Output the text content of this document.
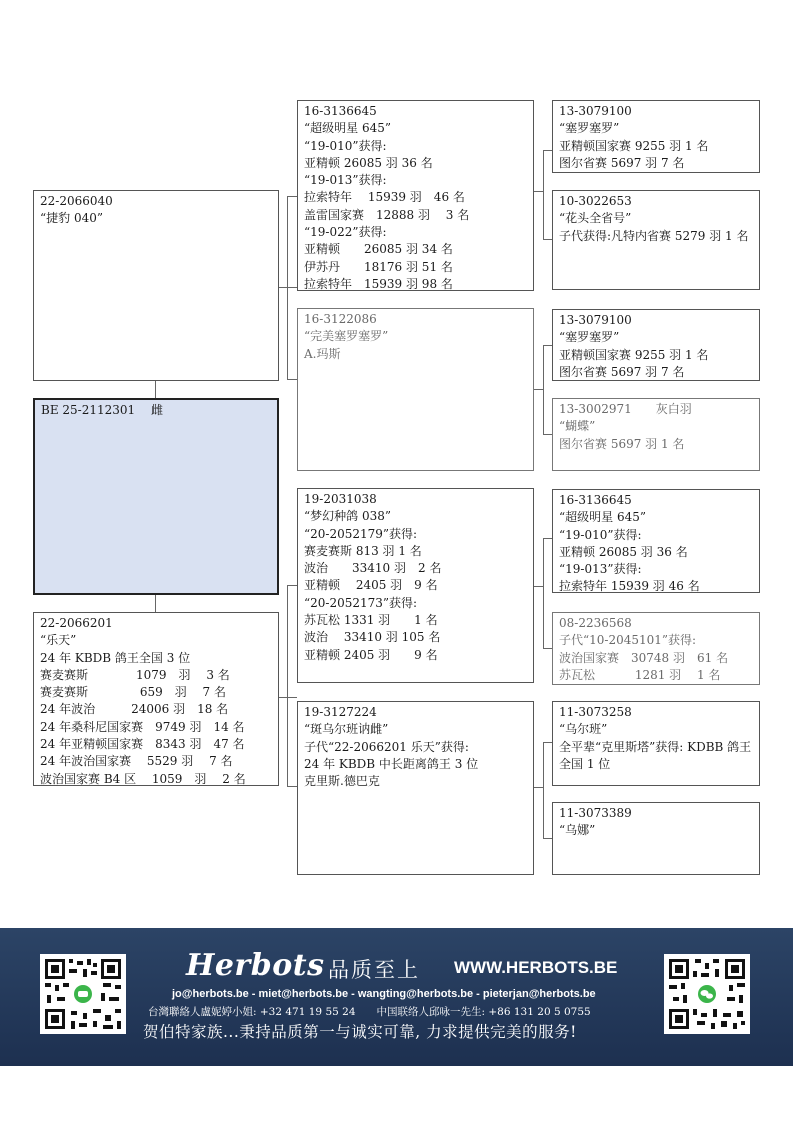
22-2066040
“捷豹 040”
BE 25-2112301　 雌
22-2066201
“乐天”
24 年 KBDB 鸽王全国 3 位
赛麦赛斯　　　　1079　羽　 3 名
赛麦赛斯　　　　 659　羽　 7 名
24 年波治　　　24006 羽　18 名
24 年桑科尼国家赛　9749 羽　14 名
24 年亚精顿国家赛　8343 羽　47 名
24 年波治国家赛　 5529 羽　 7 名
波治国家赛 B4 区　 1059　羽　 2 名
16-3136645
“超级明星 645”
“19-010”获得:
亚精顿 26085 羽 36 名
“19-013”获得:
拉索特年　 15939 羽　46 名
盖雷国家赛　12888 羽　 3 名
“19-022”获得:
亚精顿　　26085 羽 34 名
伊苏丹　　18176 羽 51 名
拉索特年　15939 羽 98 名
16-3122086
“完美塞罗塞罗”
A.玛斯
19-2031038
“梦幻种鸽 038”
“20-2052179”获得:
赛麦赛斯 813 羽 1 名
波治　　33410 羽　2 名
亚精顿　 2405 羽　9 名
“20-2052173”获得:
苏瓦松 1331 羽　　1 名
波治　 33410 羽 105 名
亚精顿 2405 羽　　9 名
19-3127224
“斑乌尔班讷雌”
子代“22-2066201 乐天”获得:
24 年 KBDB 中长距离鸽王 3 位
克里斯.德巴克
13-3079100
“塞罗塞罗”
亚精顿国家赛 9255 羽 1 名
图尔省赛 5697 羽 7 名
10-3022653
“花头全省号”
子代获得:凡特内省赛 5279 羽 1 名
13-3079100
“塞罗塞罗”
亚精顿国家赛 9255 羽 1 名
图尔省赛 5697 羽 7 名
13-3002971　　灰白羽
“蝴蝶”
图尔省赛 5697 羽 1 名
16-3136645
“超级明星 645”
“19-010”获得:
亚精顿 26085 羽 36 名
“19-013”获得:
拉索特年 15939 羽 46 名
08-2236568
子代“10-2045101”获得:
波治国家赛　30748 羽　61 名
苏瓦松　　　 1281 羽　 1 名
11-3073258
“乌尔班”
全平辈“克里斯塔”获得: KDBB 鸽王全国 1 位
11-3073389
“乌娜”
Herbots 品质至上 WWW.HERBOTS.BE
jo@herbots.be - miet@herbots.be - wangting@herbots.be - pieterjan@herbots.be
台灣聯絡人盧妮婷小姐: +32 471 19 55 24　　中国联络人邱咏一先生: +86 131 20 5 0755
贺伯特家族...秉持品质第一与诚实可靠, 力求提供完美的服务!
